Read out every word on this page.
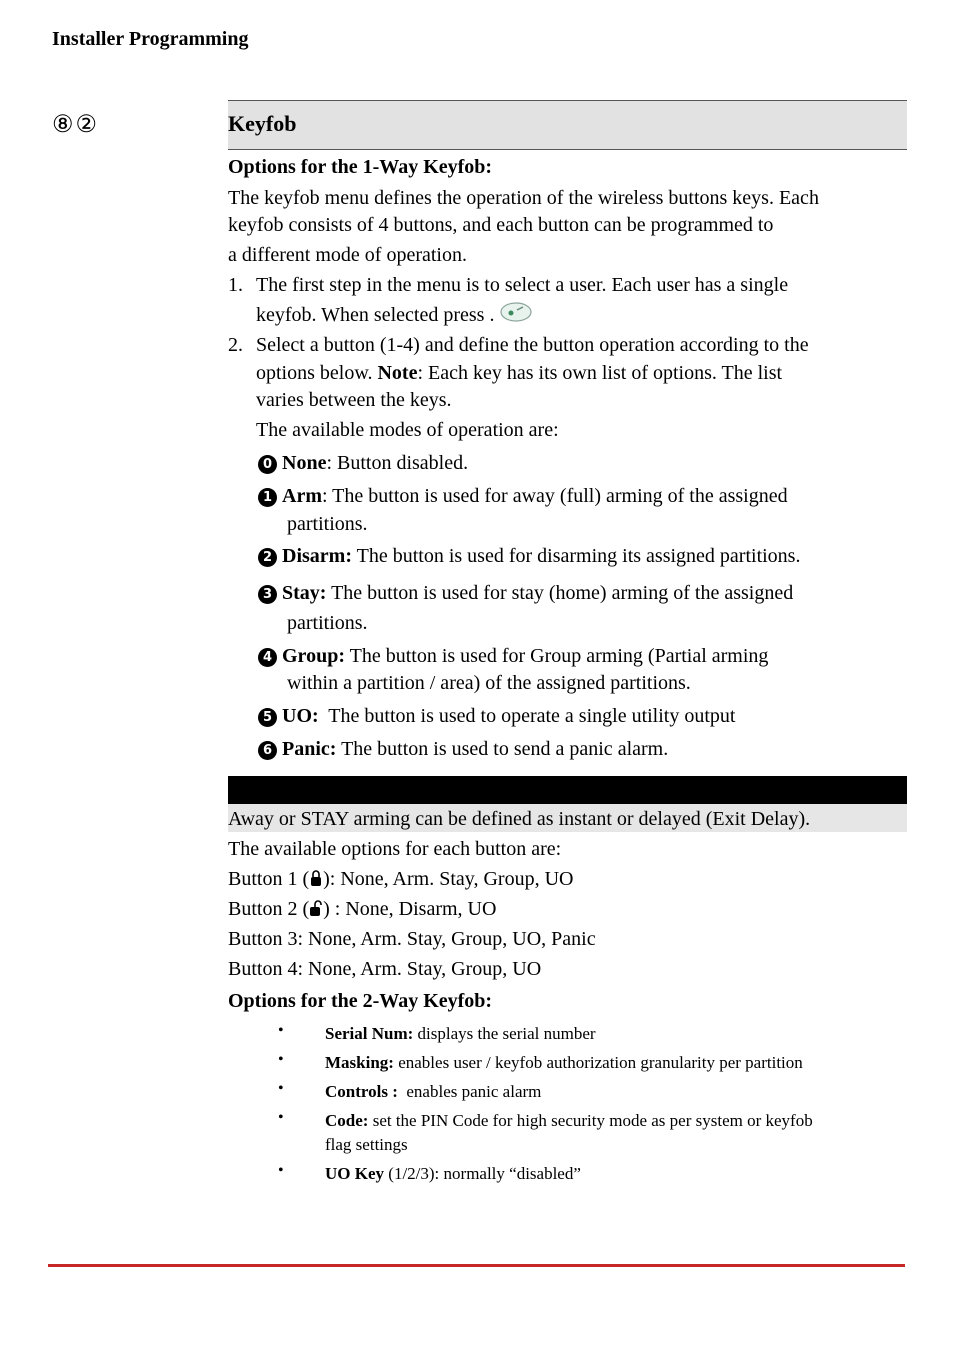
Installer Programming
⑧②	Keyfob
Options for the 1-Way Keyfob:
The keyfob menu defines the operation of the wireless buttons keys. Each
keyfob consists of 4 buttons, and each button can be programmed to
a different mode of operation.
1. The first step in the menu is to select a user. Each user has a single
keyfob. When selected press .
2. Select a button (1-4) and define the button operation according to the
options below. Note: Each key has its own list of options. The list
varies between the keys.
The available modes of operation are:
0 None: Button disabled.
1 Arm: The button is used for away (full) arming of the assigned
partitions.
2 Disarm: The button is used for disarming its assigned partitions.
3 Stay: The button is used for stay (home) arming of the assigned
partitions.
4 Group: The button is used for Group arming (Partial arming
within a partition / area) of the assigned partitions.
5 UO:  The button is used to operate a single utility output
6 Panic: The button is used to send a panic alarm.
Away or STAY arming can be defined as instant or delayed (Exit Delay).
The available options for each button are:
Button 1 ( ): None, Arm. Stay, Group, UO
Button 2 ( ) : None, Disarm, UO
Button 3: None, Arm. Stay, Group, UO, Panic
Button 4: None, Arm. Stay, Group, UO
Options for the 2-Way Keyfob:
• Serial Num: displays the serial number
• Masking: enables user / keyfob authorization granularity per partition
• Controls :  enables panic alarm
• Code: set the PIN Code for high security mode as per system or keyfob
flag settings
• UO Key (1/2/3): normally “disabled”
